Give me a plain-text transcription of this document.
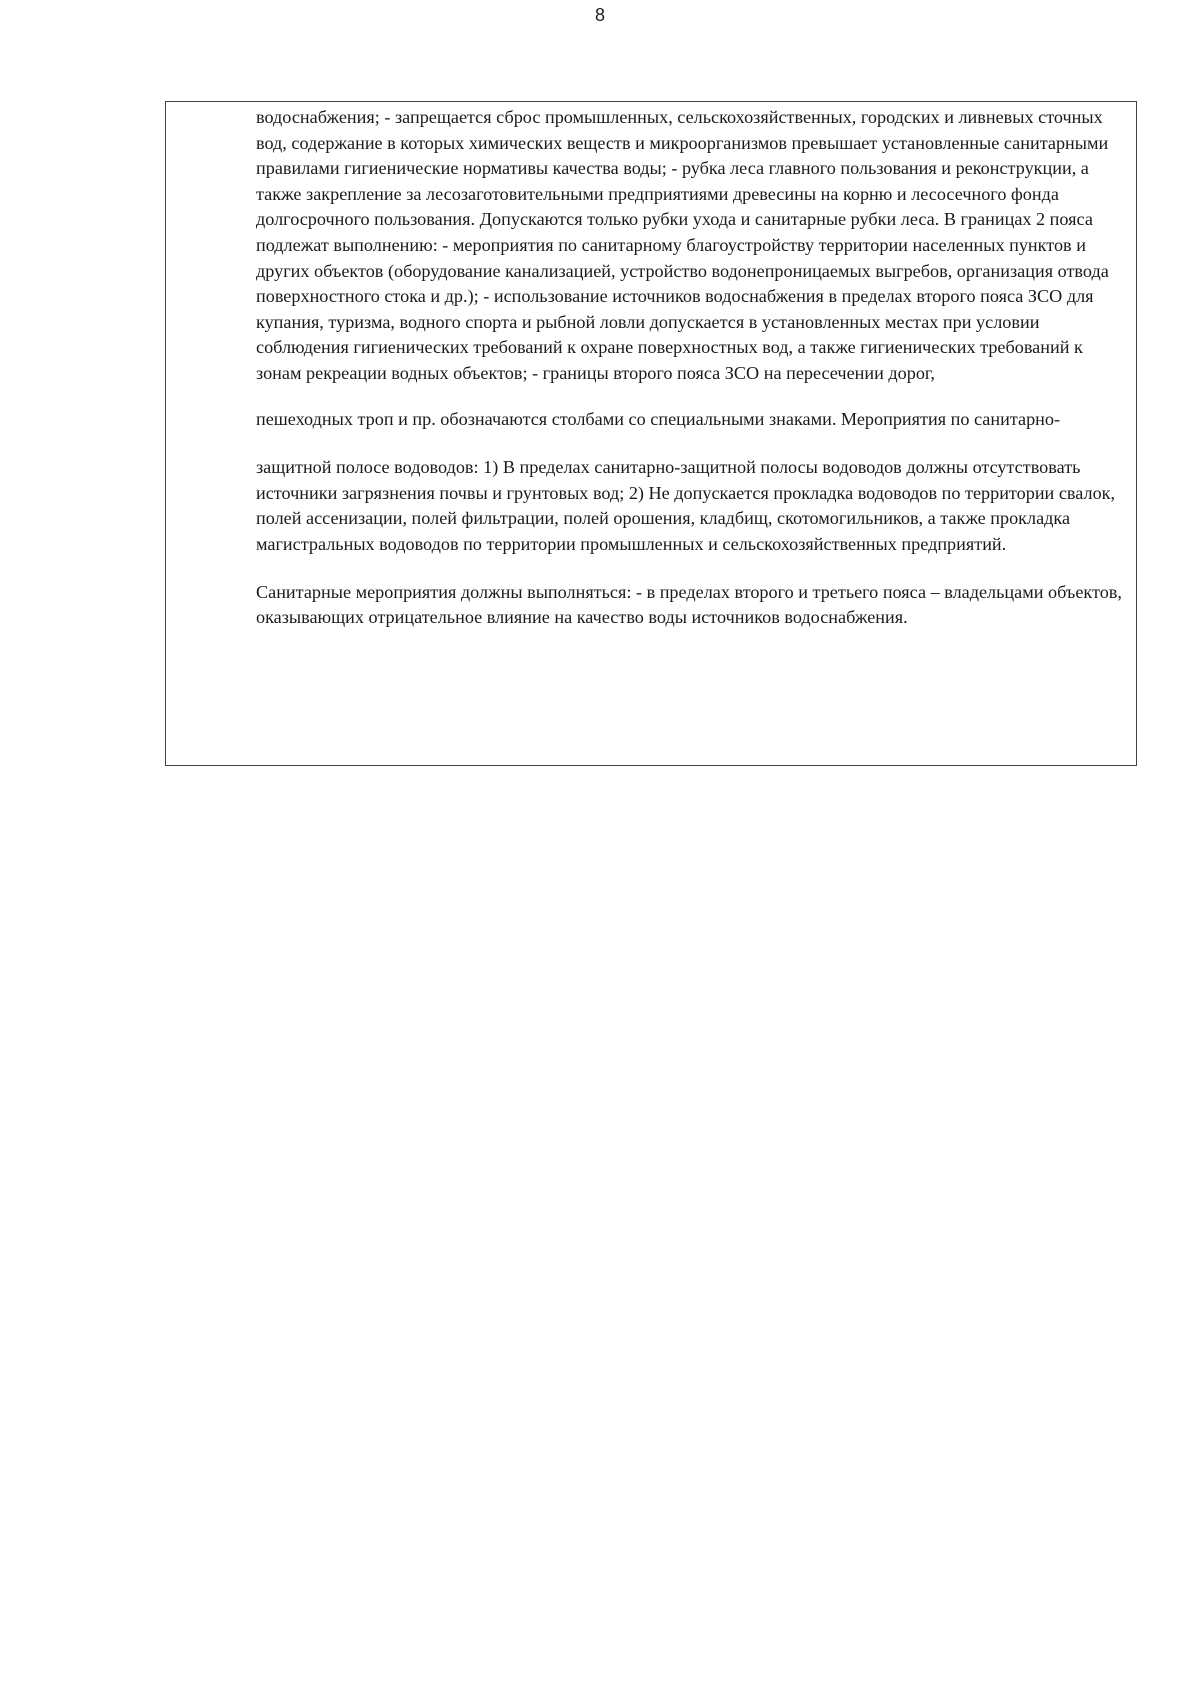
8

водоснабжения; - запрещается сброс промышленных, сельскохозяйственных, городских и ливневых сточных вод, содержание в которых химических веществ и микроорганизмов превышает установленные санитарными правилами гигиенические нормативы качества воды; - рубка леса главного пользования и реконструкции, а также закрепление за лесозаготовительными предприятиями древесины на корню и лесосечного фонда долгосрочного пользования. Допускаются только рубки ухода и санитарные рубки леса. В границах 2 пояса подлежат выполнению: - мероприятия по санитарному благоустройству территории населенных пунктов и других объектов (оборудование канализацией, устройство водонепроницаемых выгребов, организация отвода поверхностного стока и др.); - использование источников водоснабжения в пределах второго пояса ЗСО для купания, туризма, водного спорта и рыбной ловли допускается в установленных местах при условии соблюдения гигиенических требований к охране поверхностных вод, а также гигиенических требований к зонам рекреации водных объектов; - границы второго пояса ЗСО на пересечении дорог,

пешеходных троп и пр. обозначаются столбами со специальными знаками. Мероприятия по санитарно-

защитной полосе водоводов: 1) В пределах санитарно-защитной полосы водоводов должны отсутствовать источники загрязнения почвы и грунтовых вод; 2) Не допускается прокладка водоводов по территории свалок, полей ассенизации, полей фильтрации, полей орошения, кладбищ, скотомогильников, а также прокладка магистральных водоводов по территории промышленных и сельскохозяйственных предприятий.

Санитарные мероприятия должны выполняться: - в пределах второго и третьего пояса – владельцами объектов, оказывающих отрицательное влияние на качество воды источников водоснабжения.
